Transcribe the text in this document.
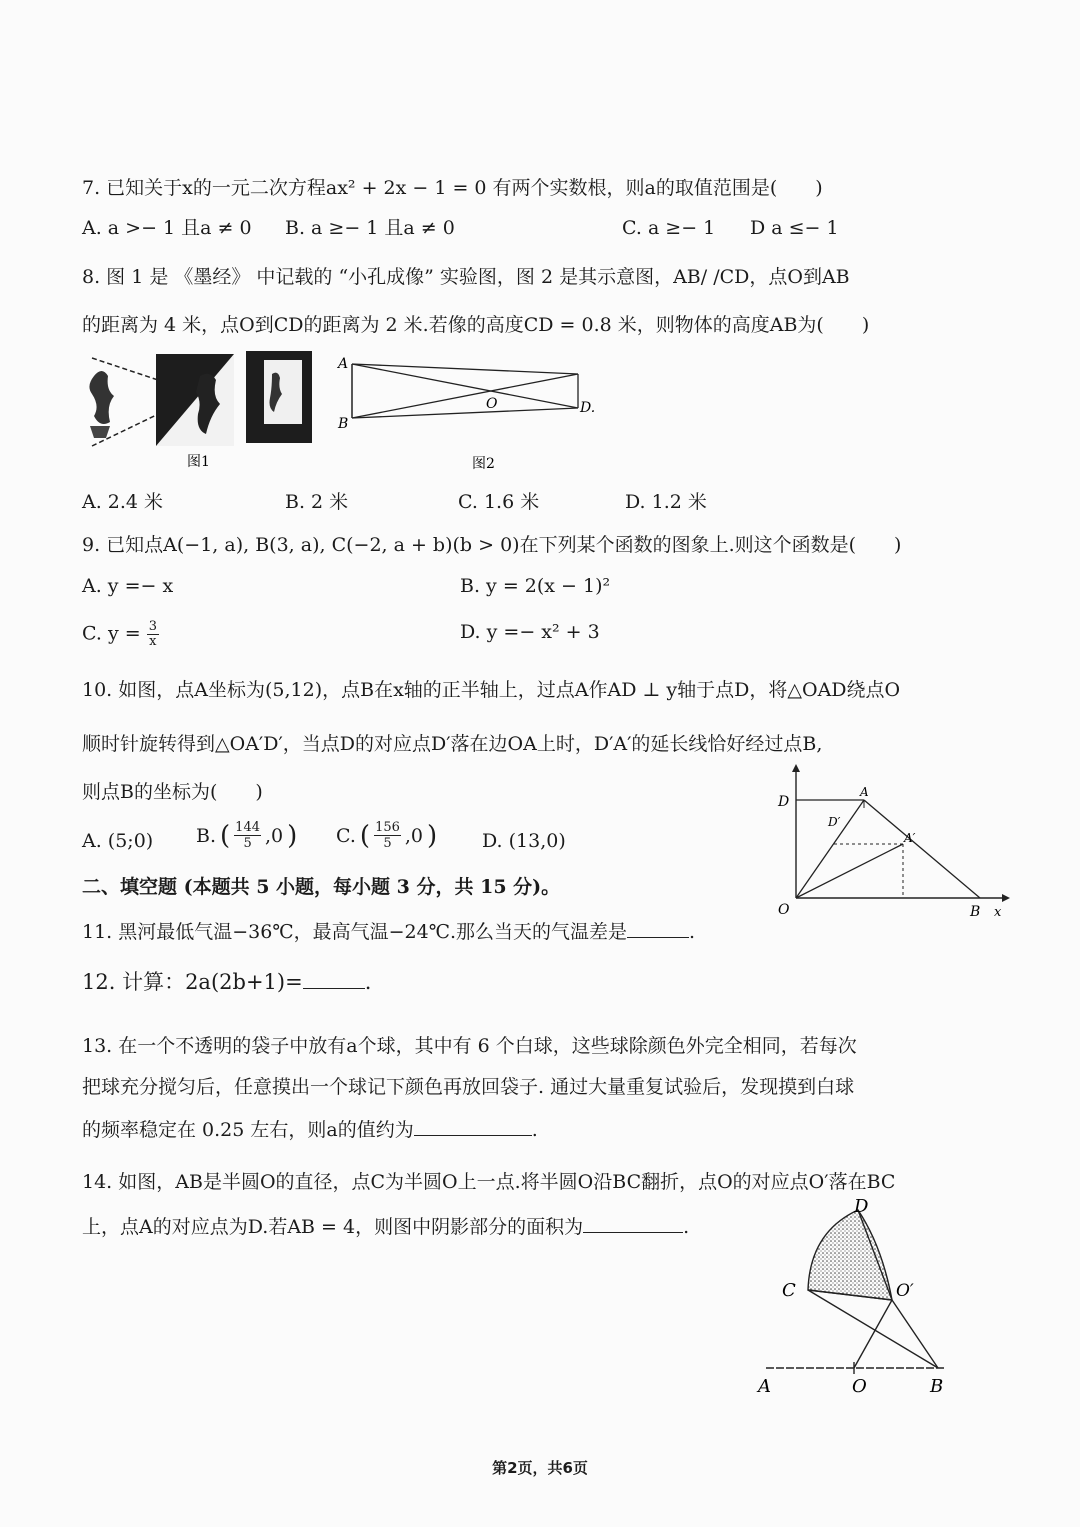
7. 已知关于x的一元二次方程ax² + 2x − 1 = 0 有两个实数根，则a的取值范围是(　　)
A. a >− 1 且a ≠ 0 B. a ≥− 1 且a ≠ 0	C. a ≥− 1 D a ≤− 1
8. 图 1 是 《墨经》 中记载的 “小孔成像” 实验图，图 2 是其示意图，AB/ /CD，点O到AB
的距离为 4 米，点O到CD的距离为 2 米.若像的高度CD = 0.8 米，则物体的高度AB为(　　)
图1
A
B
O	D.
图2
A. 2.4 米	B. 2 米	C. 1.6 米	D. 1.2 米
9. 已知点A(−1, a), B(3, a), C(−2, a + b)(b > 0)在下列某个函数的图象上.则这个函数是(　　)
A. y =− x	B. y = 2(x − 1)²
C. $y = \frac{3}{x}$	D. y =− x² + 3
10. 如图，点A坐标为(5,12)，点B在x轴的正半轴上，过点A作AD ⊥ y轴于点D，将△OAD绕点O
顺时针旋转得到△OA′D′，当点D的对应点D′落在边OA上时，D′A′的延长线恰好经过点B,
则点B的坐标为(　　)
A. (5;0) B. ( $\frac{144}{5} ,0$ ) C. ( $\frac{156}{5} ,0$ ) D. (13,0)
D
O	B x
A
D′
A′
二、填空题 (本题共 5 小题，每小题 3 分，共 15 分)。
11. 黑河最低气温−36℃，最高气温−24℃.那么当天的气温差是	.
12. 计算：2a(2b+1)=	.
13. 在一个不透明的袋子中放有a个球，其中有 6 个白球，这些球除颜色外完全相同，若每次
把球充分搅匀后，任意摸出一个球记下颜色再放回袋子. 通过大量重复试验后，发现摸到白球
的频率稳定在 0.25 左右，则a的值约为	.
14. 如图，AB是半圆O的直径，点C为半圆O上一点.将半圆O沿BC翻折，点O的对应点O′落在BC
上，点A的对应点为D.若AB = 4，则图中阴影部分的面积为	.
D
C	O′
A	O	B
第2页，共6页
